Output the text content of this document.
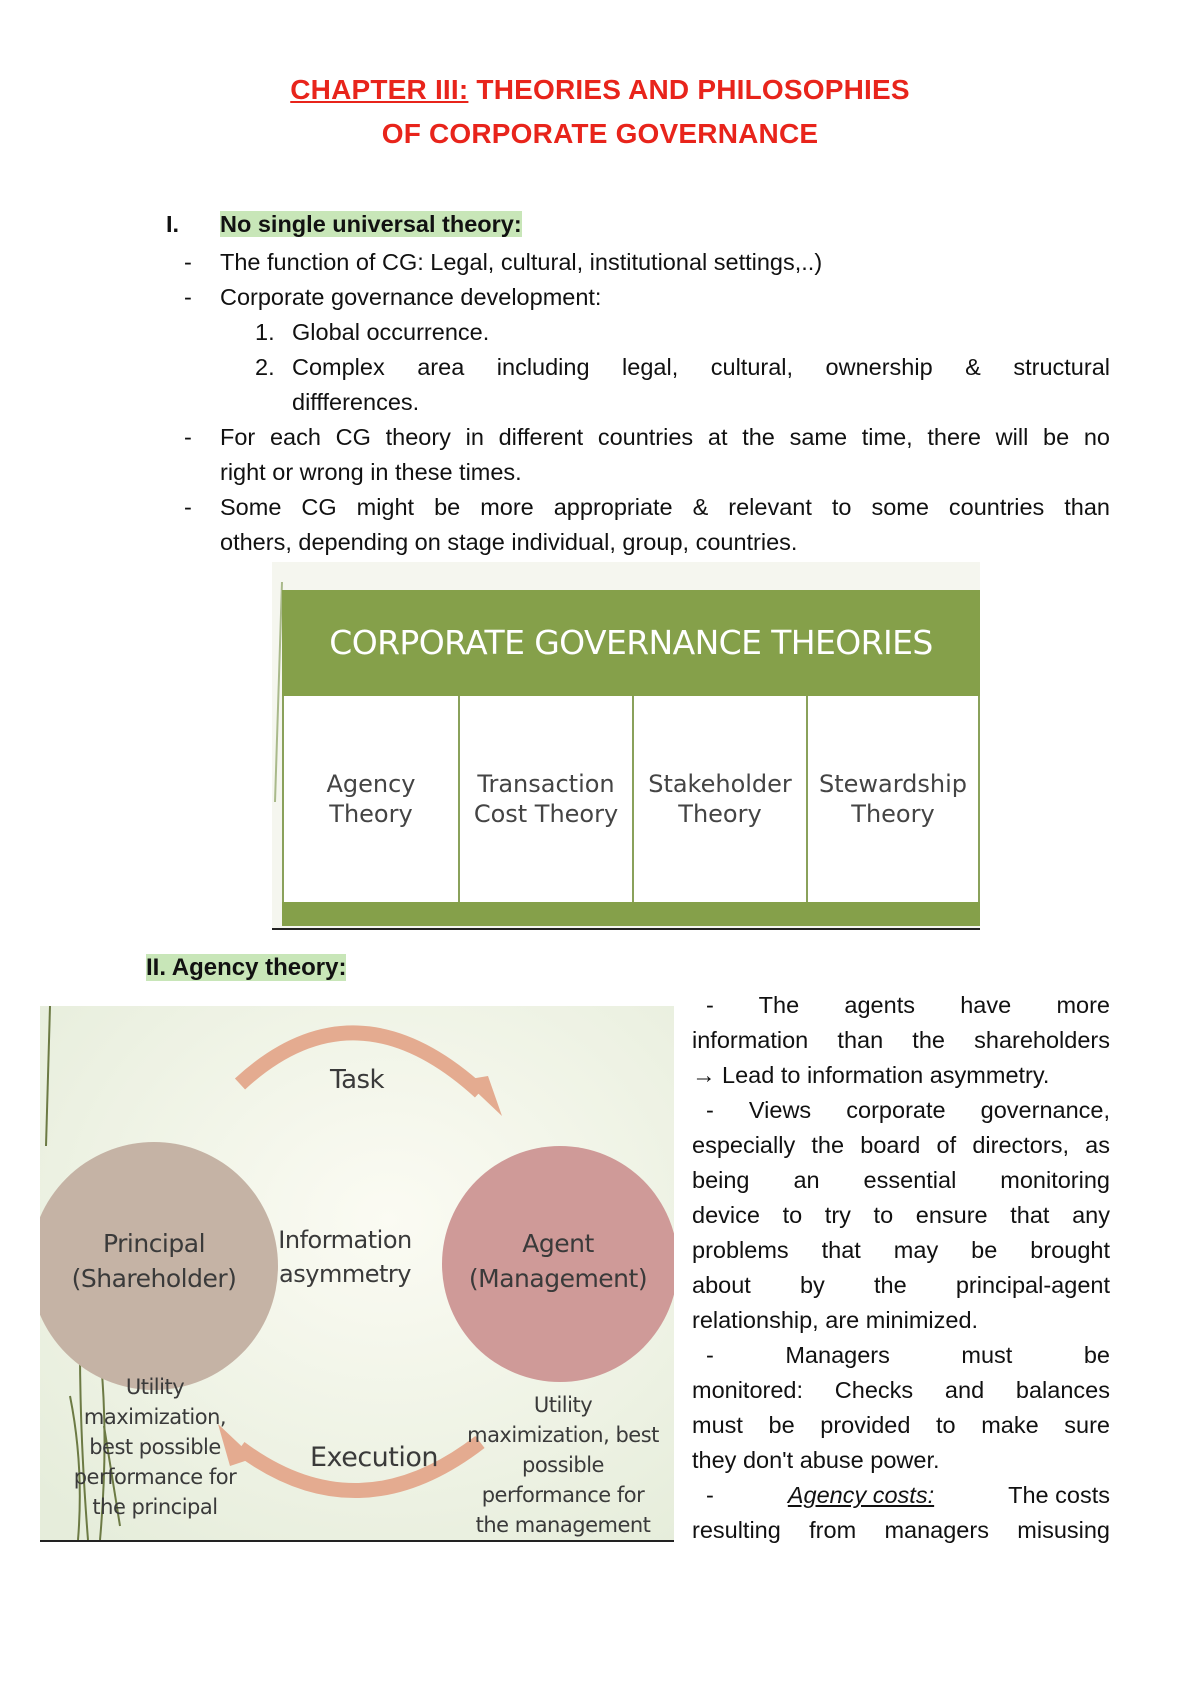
CHAPTER III: THEORIES AND PHILOSOPHIES
OF CORPORATE GOVERNANCE
I. No single universal theory:
- The function of CG: Legal, cultural, institutional settings,..)
- Corporate governance development:
1. Global occurrence.
2. Complex area including legal, cultural, ownership & structural
diffferences.
- For each CG theory in different countries at the same time, there will be no
right or wrong in these times.
- Some CG might be more appropriate & relevant to some countries than
others, depending on stage individual, group, countries.
CORPORATE GOVERNANCE THEORIES
Agency
Theory
Transaction
Cost Theory
Stakeholder
Theory
Stewardship
Theory
II. Agency theory:
Task
Execution
Principal
(Shareholder)
Information
asymmetry
Agent
(Management)
Utility
maximization,
best possible
performance for
the principal
Utility
maximization, best
possible
performance for
the management
- The agents have more
information than the shareholders
→ Lead to information asymmetry.
- Views corporate governance,
especially the board of directors, as
being an essential monitoring
device to try to ensure that any
problems that may be brought
about by the principal-agent
relationship, are minimized.
- Managers must be
monitored: Checks and balances
must be provided to make sure
they don't abuse power.
-	Agency costs:	The costs
resulting from managers misusing
